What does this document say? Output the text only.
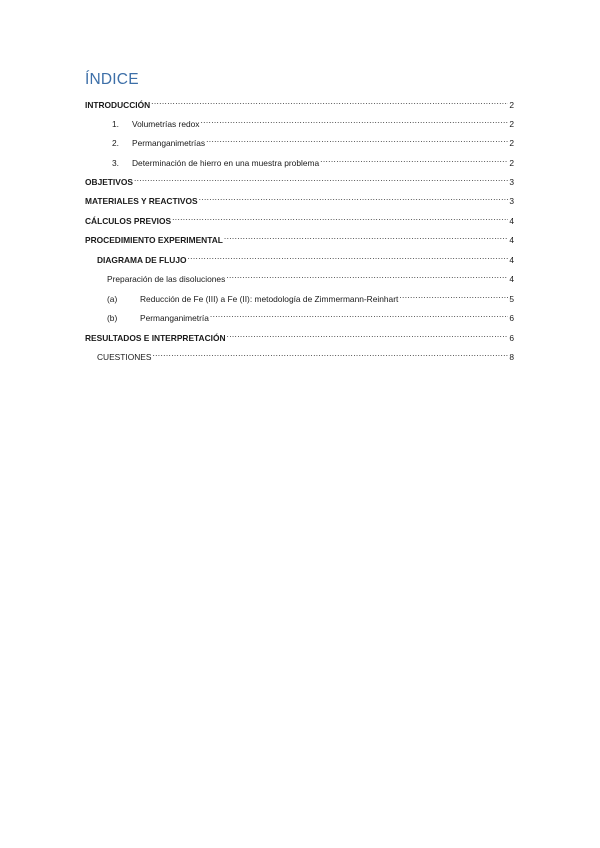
ÍNDICE
INTRODUCCIÓN .....	2
1.	Volumetrías redox .....	2
2.	Permanganimetrías .....	2
3.	Determinación de hierro en una muestra problema .....	2
OBJETIVOS .....	3
MATERIALES Y REACTIVOS .....	3
CÁLCULOS PREVIOS .....	4
PROCEDIMIENTO EXPERIMENTAL .....	4
DIAGRAMA DE FLUJO .....	4
Preparación de las disoluciones .....	4
(a)	Reducción de Fe (III) a Fe (II): metodología de Zimmermann-Reinhart .....	5
(b)	Permanganimetría .....	6
RESULTADOS E INTERPRETACIÓN .....	6
CUESTIONES .....	8
